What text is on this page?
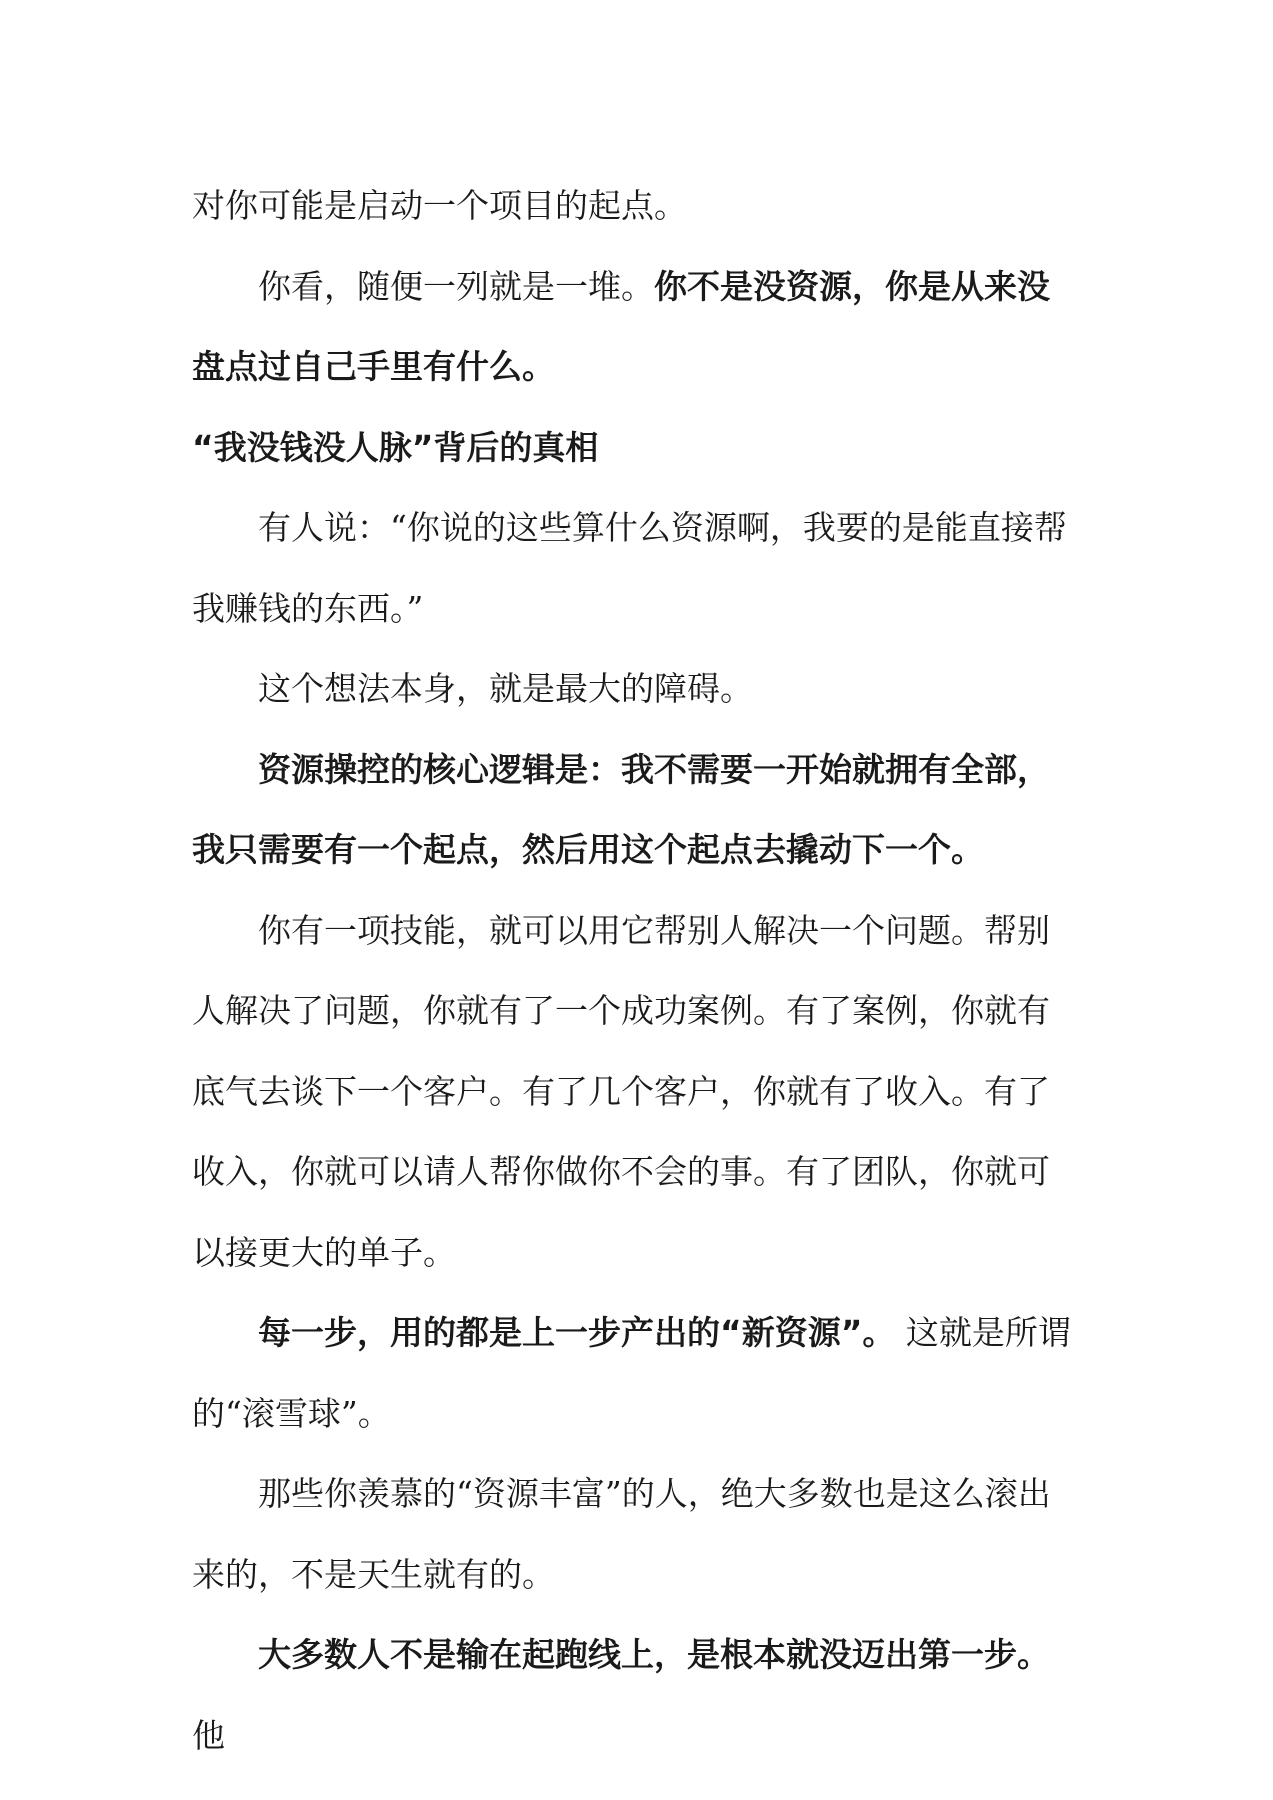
对你可能是启动一个项目的起点。

你看，随便一列就是一堆。你不是没资源，你是从来没盘点过自己手里有什么。

“我没钱没人脉”背后的真相

有人说：“你说的这些算什么资源啊，我要的是能直接帮我赚钱的东西。”

这个想法本身，就是最大的障碍。

资源操控的核心逻辑是：我不需要一开始就拥有全部，我只需要有一个起点，然后用这个起点去撬动下一个。

你有一项技能，就可以用它帮别人解决一个问题。帮别人解决了问题，你就有了一个成功案例。有了案例，你就有底气去谈下一个客户。有了几个客户，你就有了收入。有了收入，你就可以请人帮你做你不会的事。有了团队，你就可以接更大的单子。

每一步，用的都是上一步产出的“新资源”。 这就是所谓的“滚雪球”。

那些你羡慕的“资源丰富”的人，绝大多数也是这么滚出来的，不是天生就有的。

大多数人不是输在起跑线上，是根本就没迈出第一步。 他
